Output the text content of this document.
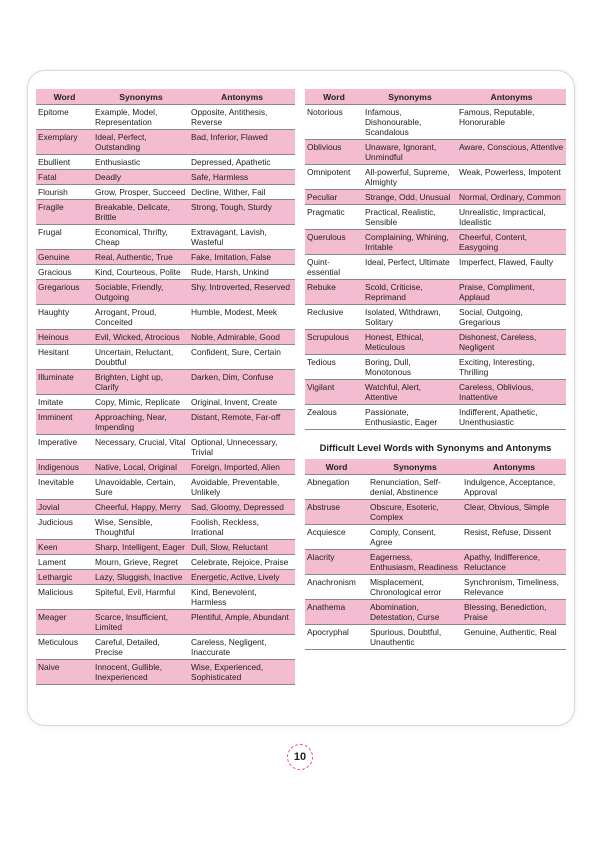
Word	Synonyms	Antonyms
Epitome	Example, Model, Representation	Opposite, Antithesis, Reverse
Exemplary	Ideal, Perfect, Outstanding	Bad, Inferior, Flawed
Ebullient	Enthusiastic	Depressed, Apathetic
Fatal	Deadly	Safe, Harmless
Flourish	Grow, Prosper, Succeed	Decline, Wither, Fail
Fragile	Breakable, Delicate, Brittle	Strong, Tough, Sturdy
Frugal	Economical, Thrifty, Cheap	Extravagant, Lavish, Wasteful
Genuine	Real, Authentic, True	Fake, Imitation, False
Gracious	Kind, Courteous, Polite	Rude, Harsh, Unkind
Gregarious	Sociable, Friendly, Outgoing	Shy, Introverted, Reserved
Haughty	Arrogant, Proud, Conceited	Humble, Modest, Meek
Heinous	Evil, Wicked, Atrocious	Noble, Admirable, Good
Hesitant	Uncertain, Reluctant, Doubtful	Confident, Sure, Certain
Illuminate	Brighten, Light up, Clarify	Darken, Dim, Confuse
Imitate	Copy, Mimic, Replicate	Original, Invent, Create
Imminent	Approaching, Near, Impending	Distant, Remote, Far-off
Imperative	Necessary, Crucial, Vital	Optional, Unnecessary, Trivial
Indigenous	Native, Local, Original	Foreign, Imported, Alien
Inevitable	Unavoidable, Certain, Sure	Avoidable, Preventable, Unlikely
Jovial	Cheerful, Happy, Merry	Sad, Gloomy, Depressed
Judicious	Wise, Sensible, Thoughtful	Foolish, Reckless, Irrational
Keen	Sharp, Intelligent, Eager	Dull, Slow, Reluctant
Lament	Mourn, Grieve, Regret	Celebrate, Rejoice, Praise
Lethargic	Lazy, Sluggish, Inactive	Energetic, Active, Lively
Malicious	Spiteful, Evil, Harmful	Kind, Benevolent, Harmless
Meager	Scarce, Insufficient, Limited	Plentiful, Ample, Abundant
Meticulous	Careful, Detailed, Precise	Careless, Negligent, Inaccurate
Naive	Innocent, Gullible, Inexperienced	Wise, Experienced, Sophisticated
Word	Synonyms	Antonyms
Notorious	Infamous, Dishonourable, Scandalous	Famous, Reputable, Honorurable
Oblivious	Unaware, Ignorant, Unmindful	Aware, Conscious, Attentive
Omnipotent	All-powerful, Supreme, Almighty	Weak, Powerless, Impotent
Peculiar	Strange, Odd, Unusual	Normal, Ordinary, Common
Pragmatic	Practical, Realistic, Sensible	Unrealistic, Impractical, Idealistic
Querulous	Complaining, Whining, Irritable	Cheerful, Content, Easygoing
Quint-essential	Ideal, Perfect, Ultimate	Imperfect, Flawed, Faulty
Rebuke	Scold, Criticise, Reprimand	Praise, Compliment, Applaud
Reclusive	Isolated, Withdrawn, Solitary	Social, Outgoing, Gregarious
Scrupulous	Honest, Ethical, Meticulous	Dishonest, Careless, Negligent
Tedious	Boring, Dull, Monotonous	Exciting, Interesting, Thrilling
Vigilant	Watchful, Alert, Attentive	Careless, Oblivious, Inattentive
Zealous	Passionate, Enthusiastic, Eager	Indifferent, Apathetic, Unenthusiastic
Difficult Level Words with Synonyms and Antonyms
Word	Synonyms	Antonyms
Abnegation	Renunciation, Self-denial, Abstinence	Indulgence, Acceptance, Approval
Abstruse	Obscure, Esoteric, Complex	Clear, Obvious, Simple
Acquiesce	Comply, Consent, Agree	Resist, Refuse, Dissent
Alacrity	Eagerness, Enthusiasm, Readiness	Apathy, Indifference, Reluctance
Anachronism	Misplacement, Chronological error	Synchronism, Timeliness, Relevance
Anathema	Abomination, Detestation, Curse	Blessing, Benediction, Praise
Apocryphal	Spurious, Doubtful, Unauthentic	Genuine, Authentic, Real
10
